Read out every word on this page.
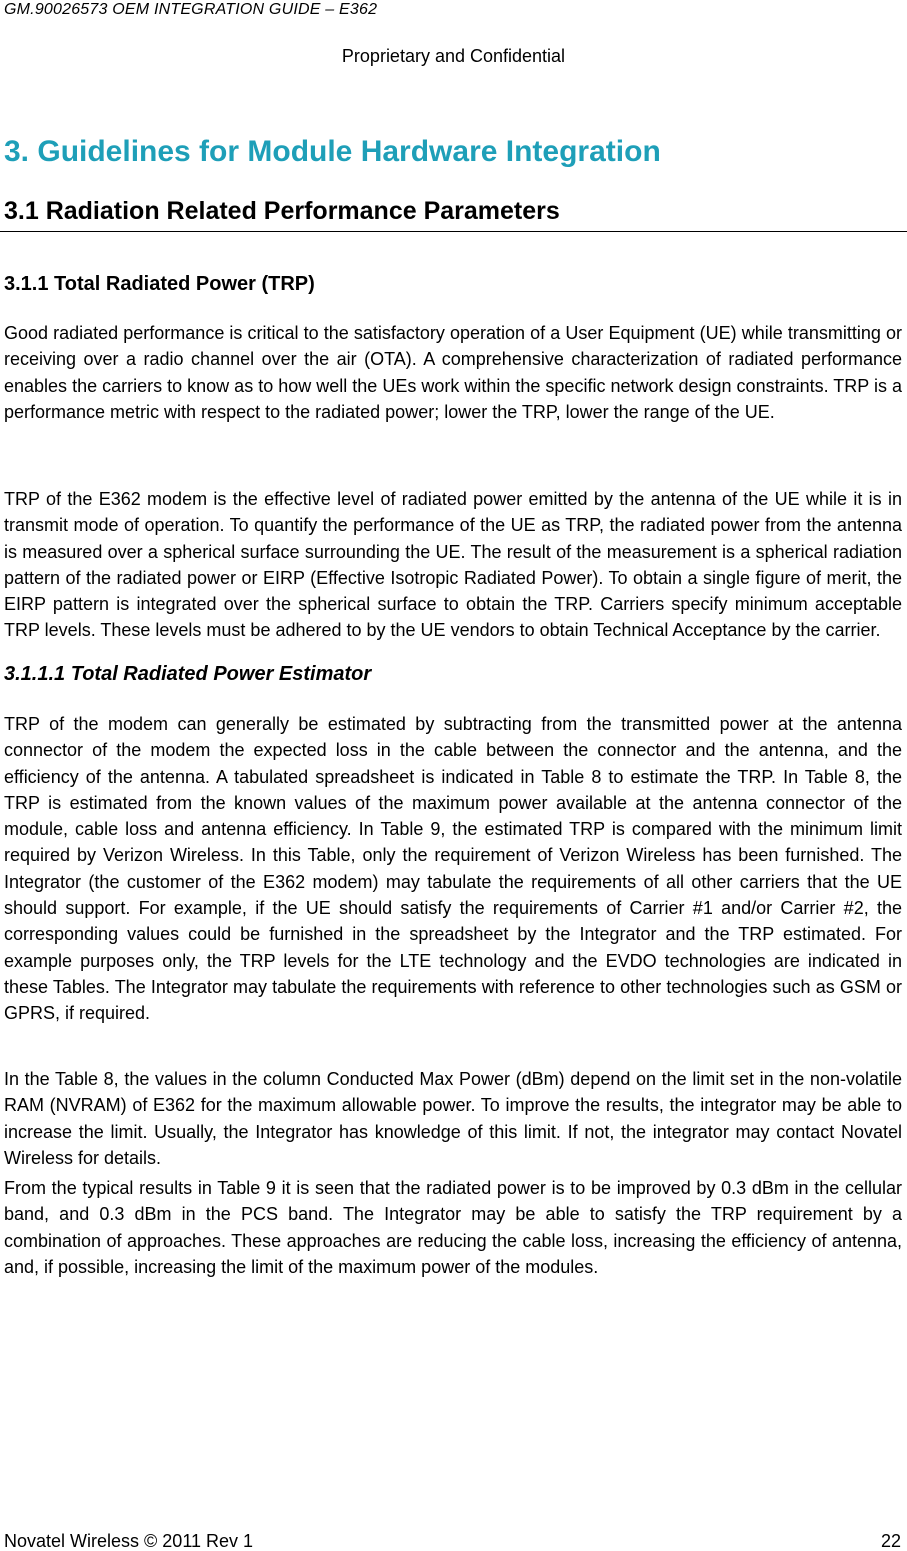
GM.90026573 OEM INTEGRATION GUIDE – E362
Proprietary and Confidential
3. Guidelines for Module Hardware Integration
3.1 Radiation Related Performance Parameters
3.1.1 Total Radiated Power (TRP)

Good radiated performance is critical to the satisfactory operation of a User Equipment (UE) while transmitting or receiving over a radio channel over the air (OTA). A comprehensive characterization of radiated performance enables the carriers to know as to how well the UEs work within the specific network design constraints. TRP is a performance metric with respect to the radiated power; lower the TRP, lower the range of the UE.

TRP of the E362 modem is the effective level of radiated power emitted by the antenna of the UE while it is in transmit mode of operation. To quantify the performance of the UE as TRP, the radiated power from the antenna is measured over a spherical surface surrounding the UE. The result of the measurement is a spherical radiation pattern of the radiated power or EIRP (Effective Isotropic Radiated Power). To obtain a single figure of merit, the EIRP pattern is integrated over the spherical surface to obtain the TRP. Carriers specify minimum acceptable TRP levels. These levels must be adhered to by the UE vendors to obtain Technical Acceptance by the carrier.

3.1.1.1 Total Radiated Power Estimator

TRP of the modem can generally be estimated by subtracting from the transmitted power at the antenna connector of the modem the expected loss in the cable between the connector and the antenna, and the efficiency of the antenna. A tabulated spreadsheet is indicated in Table 8 to estimate the TRP. In Table 8, the TRP is estimated from the known values of the maximum power available at the antenna connector of the module, cable loss and antenna efficiency. In Table 9, the estimated TRP is compared with the minimum limit required by Verizon Wireless. In this Table, only the requirement of Verizon Wireless has been furnished. The Integrator (the customer of the E362 modem) may tabulate the requirements of all other carriers that the UE should support. For example, if the UE should satisfy the requirements of Carrier #1 and/or Carrier #2, the corresponding values could be furnished in the spreadsheet by the Integrator and the TRP estimated. For example purposes only, the TRP levels for the LTE technology and the EVDO technologies are indicated in these Tables. The Integrator may tabulate the requirements with reference to other technologies such as GSM or GPRS, if required.

In the Table 8, the values in the column Conducted Max Power (dBm) depend on the limit set in the non-volatile RAM (NVRAM) of E362 for the maximum allowable power. To improve the results, the integrator may be able to increase the limit. Usually, the Integrator has knowledge of this limit. If not, the integrator may contact Novatel Wireless for details.

From the typical results in Table 9 it is seen that the radiated power is to be improved by 0.3 dBm in the cellular band, and 0.3 dBm in the PCS band. The Integrator may be able to satisfy the TRP requirement by a combination of approaches. These approaches are reducing the cable loss, increasing the efficiency of antenna, and, if possible, increasing the limit of the maximum power of the modules.

Novatel Wireless © 2011 Rev 1	22
